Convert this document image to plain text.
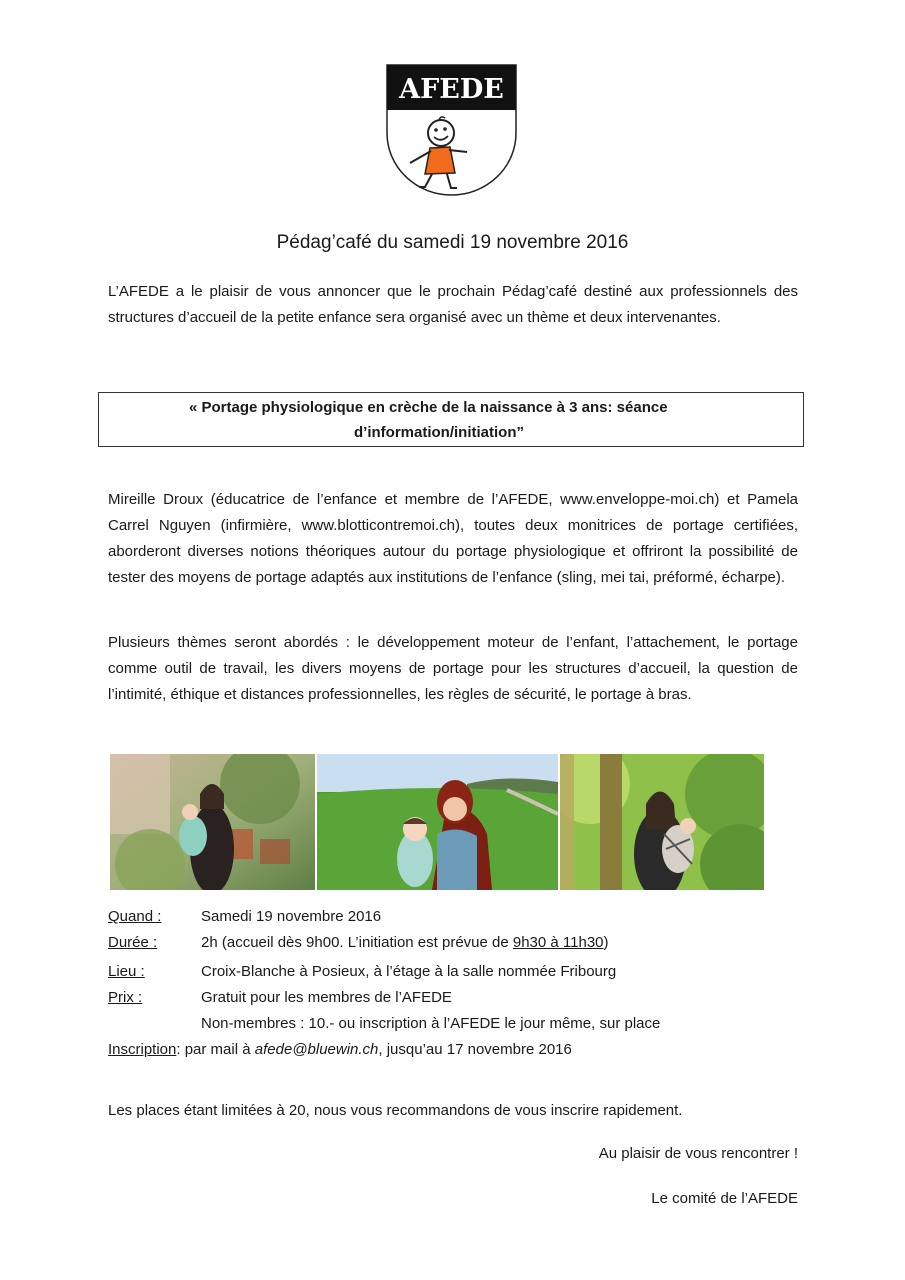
AFEDE
Pédag’café du samedi 19 novembre 2016
L’AFEDE a le plaisir de vous annoncer que le prochain Pédag’café destiné aux professionnels des structures d’accueil de la petite enfance sera organisé avec un thème et deux intervenantes.
« Portage physiologique en crèche de la naissance à 3 ans: séance
d’information/initiation”
Mireille Droux (éducatrice de l’enfance et membre de l’AFEDE, www.enveloppe-moi.ch) et Pamela Carrel Nguyen (infirmière, www.blotticontremoi.ch), toutes deux monitrices de portage certifiées, aborderont diverses notions théoriques autour du portage physiologique et offriront la possibilité de tester des moyens de portage adaptés aux institutions de l’enfance (sling, mei tai, préformé, écharpe).
Plusieurs thèmes seront abordés : le développement moteur de l’enfant, l’attachement, le portage comme outil de travail, les divers moyens de portage pour les structures d’accueil, la question de l’intimité, éthique et distances professionnelles, les règles de sécurité, le portage à bras.
Quand :	Samedi 19 novembre 2016
Durée :	2h (accueil dès 9h00. L’initiation est prévue de 9h30 à 11h30)
Lieu :	Croix-Blanche à Posieux, à l’étage à la salle nommée Fribourg
Prix :	Gratuit pour les membres de l’AFEDE
Non-membres : 10.- ou inscription à l’AFEDE le jour même, sur place
Inscription: par mail à afede@bluewin.ch, jusqu’au 17 novembre 2016
Les places étant limitées à 20, nous vous recommandons de vous inscrire rapidement.
Au plaisir de vous rencontrer !
Le comité de l’AFEDE
